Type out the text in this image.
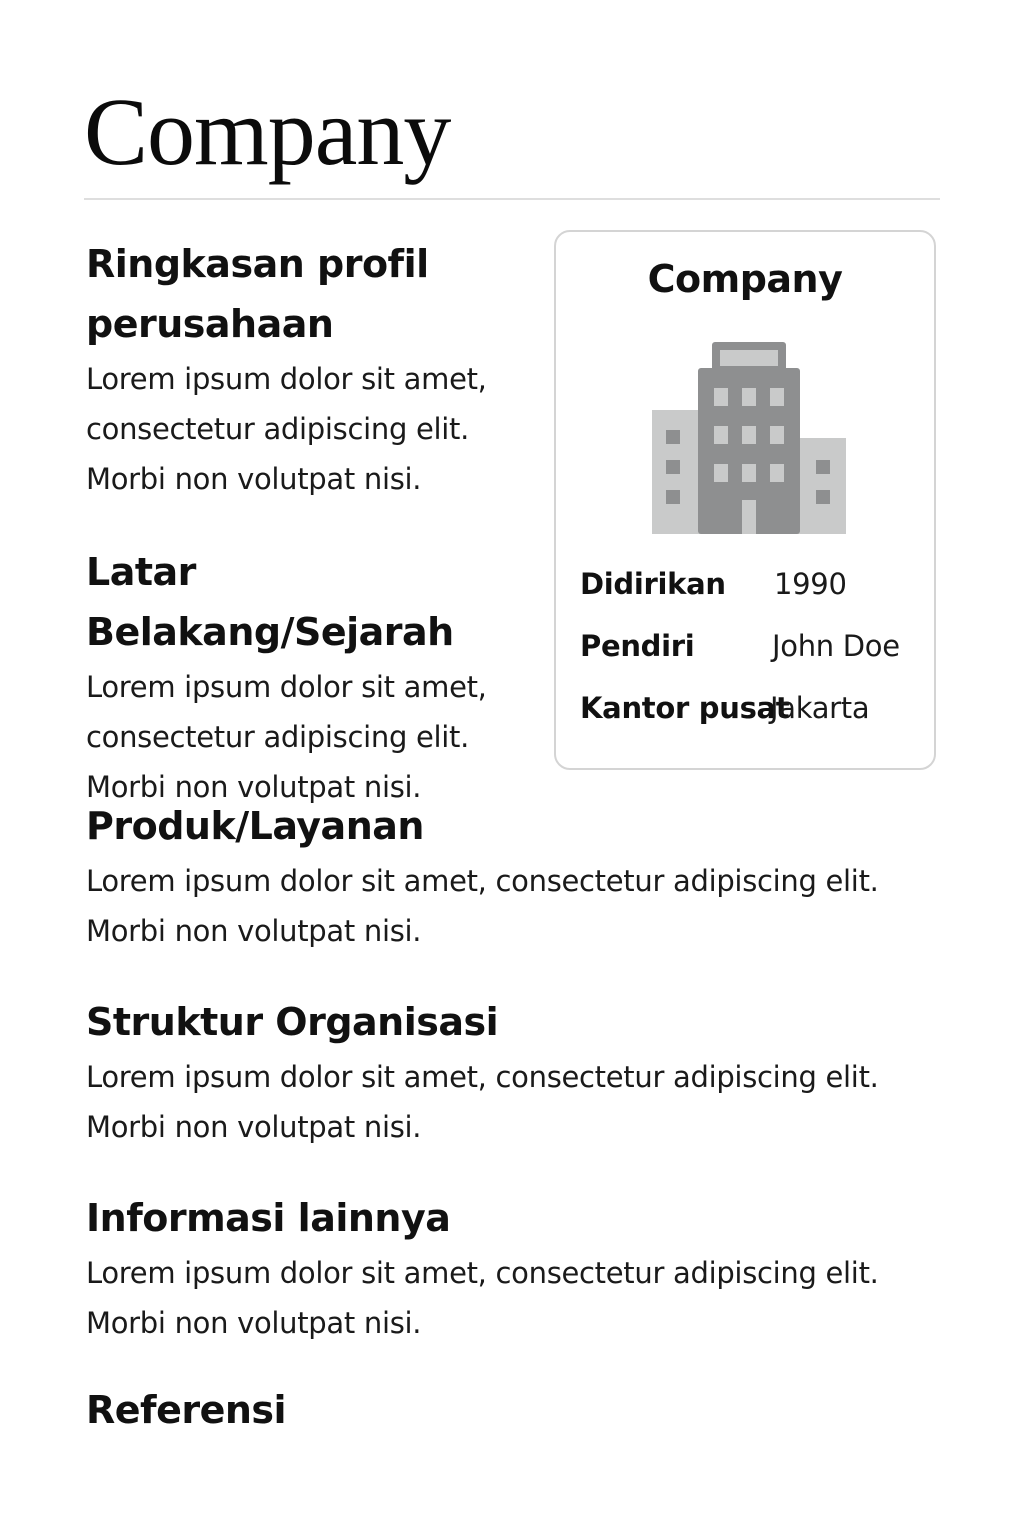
Company
Ringkasan profil
perusahaan

Lorem ipsum dolor sit amet,
consectetur adipiscing elit.
Morbi non volutpat nisi.

Latar Belakang/Sejarah

Lorem ipsum dolor sit amet,
consectetur adipiscing elit.
Morbi non volutpat nisi.

Produk/Layanan

Lorem ipsum dolor sit amet, consectetur adipiscing elit.
Morbi non volutpat nisi.

Struktur Organisasi

Lorem ipsum dolor sit amet, consectetur adipiscing elit.
Morbi non volutpat nisi.

Informasi lainnya

Lorem ipsum dolor sit amet, consectetur adipiscing elit.
Morbi non volutpat nisi.

Referensi
Company
Didirikan 1990
Pendiri	John Doe
Kantor pusat
Jakarta
